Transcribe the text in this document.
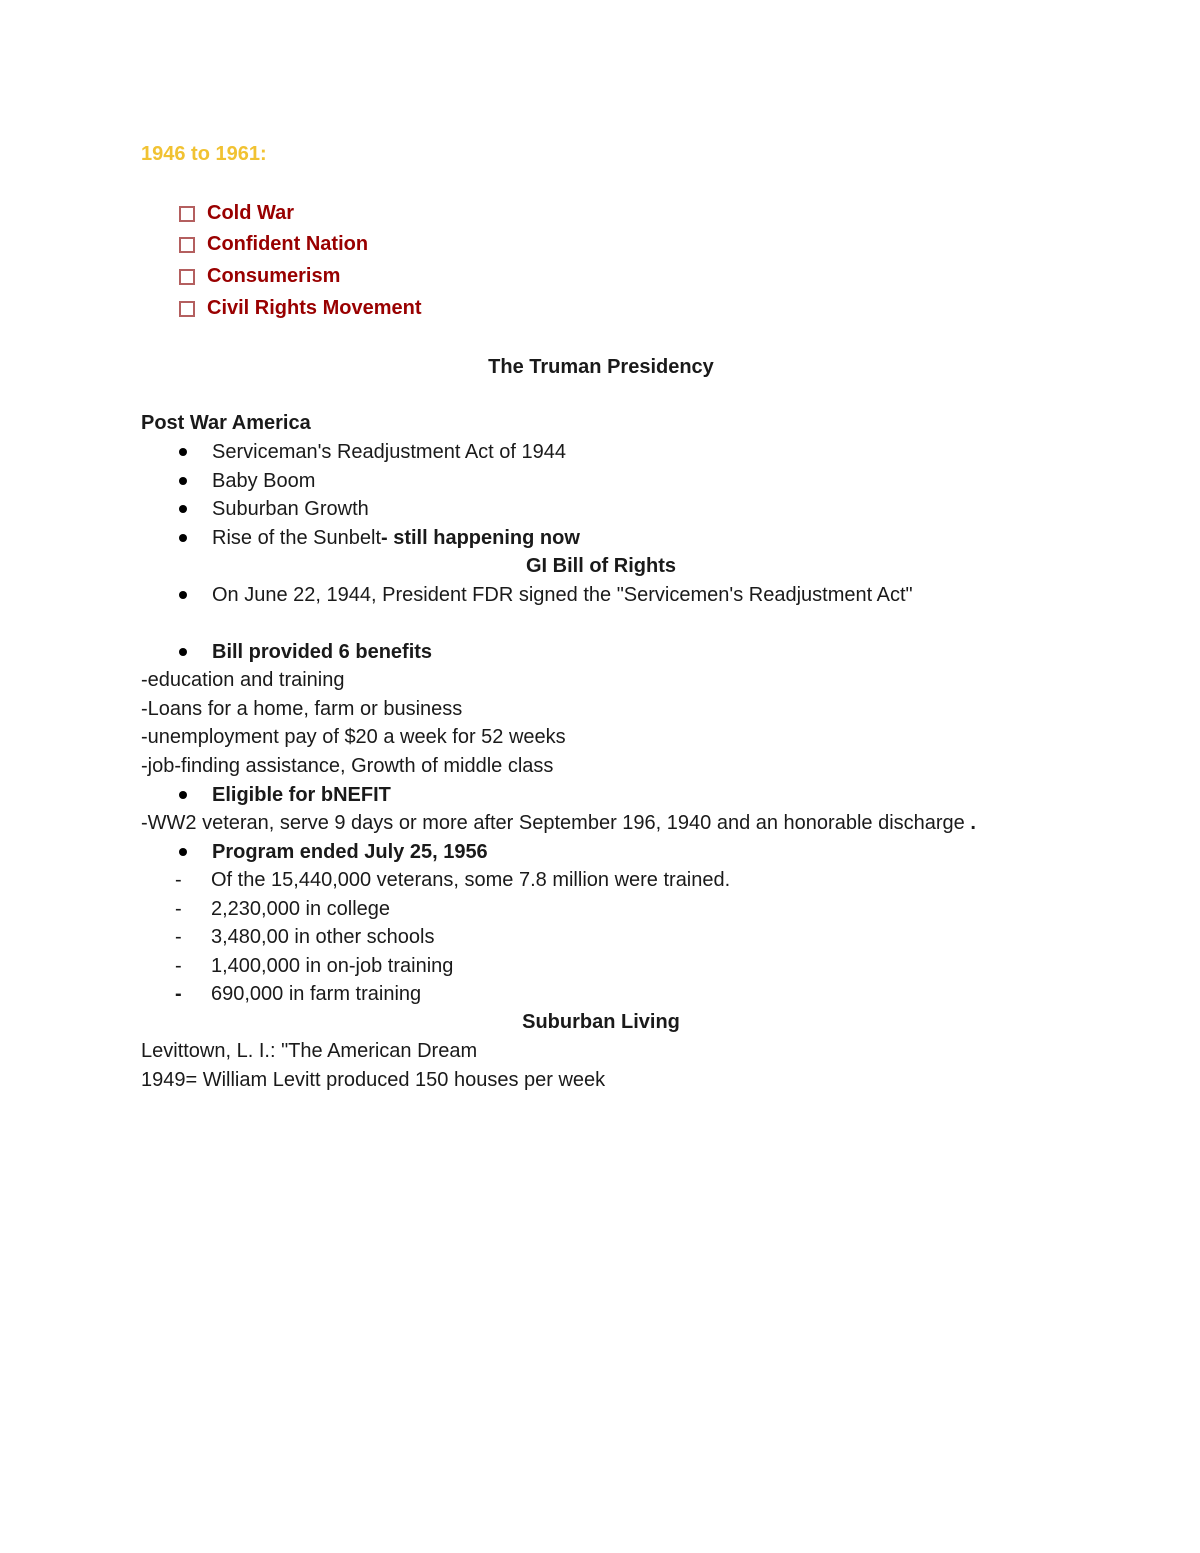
1946 to 1961:
Cold War
Confident Nation
Consumerism
Civil Rights Movement
The Truman Presidency
Post War America
Serviceman's Readjustment Act of 1944
Baby Boom
Suburban Growth
Rise of the Sunbelt - still happening now
GI Bill of Rights
On June 22, 1944, President FDR signed the "Servicemen's Readjustment Act"
Bill provided 6 benefits
-education and training
-Loans for a home, farm or business
-unemployment pay of $20 a week for 52 weeks
-job-finding assistance, Growth of middle class
Eligible for bNEFIT
-WW2 veteran, serve 9 days or more after September 196, 1940 and an honorable discharge .
Program ended July 25, 1956
- Of the 15,440,000 veterans, some 7.8 million were trained.
- 2,230,000 in college
- 3,480,00 in other schools
- 1,400,000 in on-job training
- 690,000 in farm training
Suburban Living
Levittown, L. I.: "The American Dream
1949= William Levitt produced 150 houses per week
